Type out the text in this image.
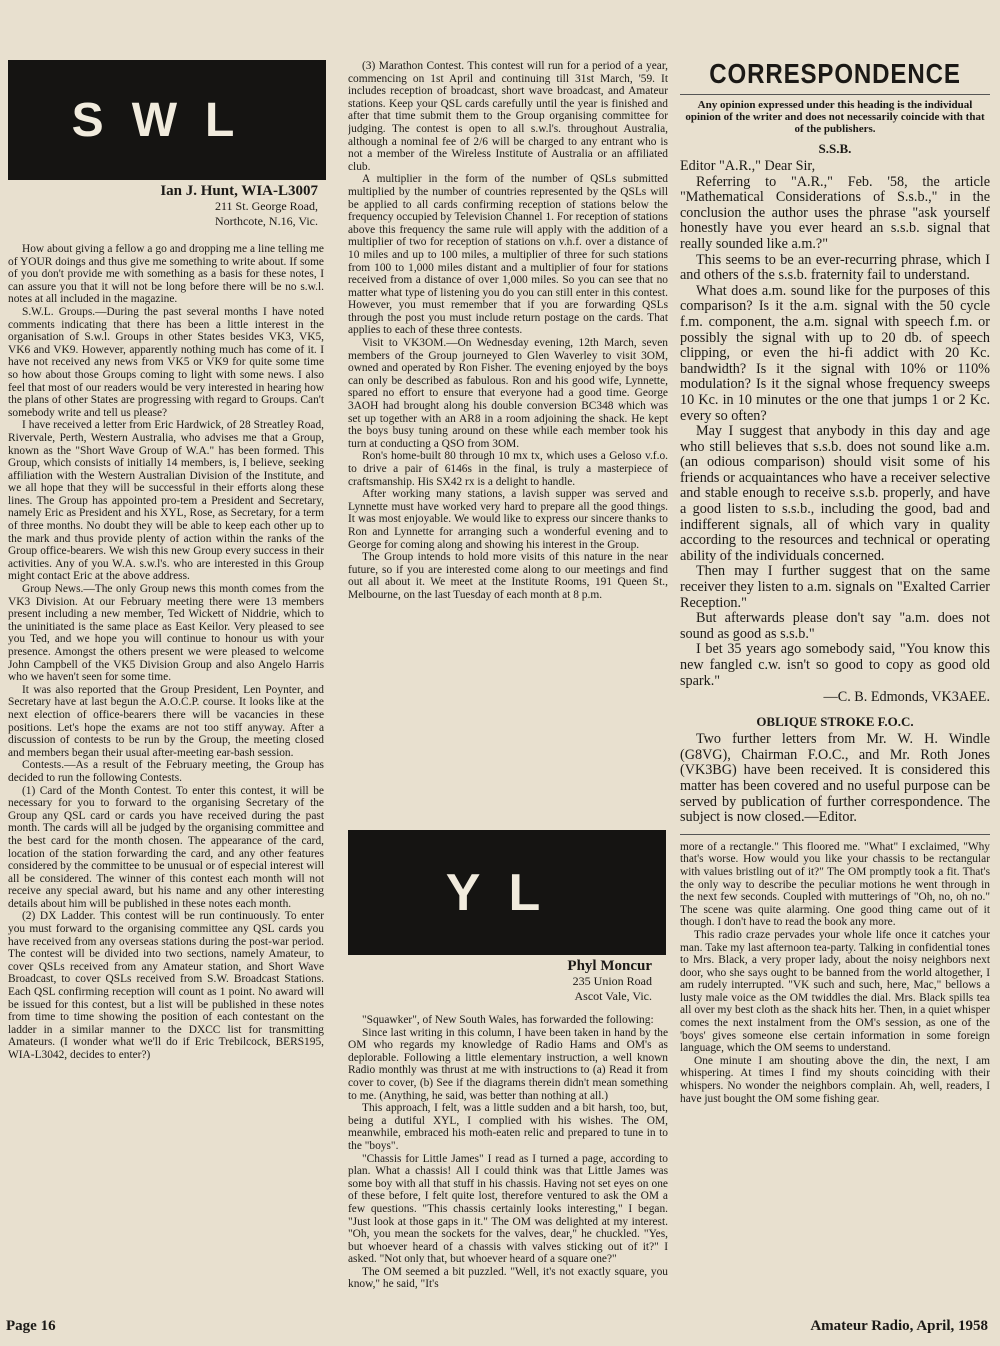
SWL
Ian J. Hunt, WIA-L3007
211 St. George Road,
Northcote, N.16, Vic.

How about giving a fellow a go and dropping me a line telling me of YOUR doings and thus give me something to write about. If some of you don't provide me with something as a basis for these notes, I can assure you that it will not be long before there will be no s.w.l. notes at all included in the magazine.

S.W.L. Groups.—During the past several months I have noted comments indicating that there has been a little interest in the organisation of S.w.l. Groups in other States besides VK3, VK5, VK6 and VK9. However, apparently nothing much has come of it. I have not received any news from VK5 or VK9 for quite some time so how about those Groups coming to light with some news. I also feel that most of our readers would be very interested in hearing how the plans of other States are progressing with regard to Groups. Can't somebody write and tell us please?

I have received a letter from Eric Hardwick, of 28 Streatley Road, Rivervale, Perth, Western Australia, who advises me that a Group, known as the "Short Wave Group of W.A." has been formed. This Group, which consists of initially 14 members, is, I believe, seeking affiliation with the Western Australian Division of the Institute, and we all hope that they will be successful in their efforts along these lines. The Group has appointed pro-tem a President and Secretary, namely Eric as President and his XYL, Rose, as Secretary, for a term of three months. No doubt they will be able to keep each other up to the mark and thus provide plenty of action within the ranks of the Group office-bearers. We wish this new Group every success in their activities. Any of you W.A. s.w.l's. who are interested in this Group might contact Eric at the above address.

Group News.—The only Group news this month comes from the VK3 Division. At our February meeting there were 13 members present including a new member, Ted Wickett of Niddrie, which to the uninitiated is the same place as East Keilor. Very pleased to see you Ted, and we hope you will continue to honour us with your presence. Amongst the others present we were pleased to welcome John Campbell of the VK5 Division Group and also Angelo Harris who we haven't seen for some time.

It was also reported that the Group President, Len Poynter, and Secretary have at last begun the A.O.C.P. course. It looks like at the next election of office-bearers there will be vacancies in these positions. Let's hope the exams are not too stiff anyway. After a discussion of contests to be run by the Group, the meeting closed and members began their usual after-meeting ear-bash session.

Contests.—As a result of the February meeting, the Group has decided to run the following Contests.

(1) Card of the Month Contest. To enter this contest, it will be necessary for you to forward to the organising Secretary of the Group any QSL card or cards you have received during the past month. The cards will all be judged by the organising committee and the best card for the month chosen. The appearance of the card, location of the station forwarding the card, and any other features considered by the committee to be unusual or of especial interest will all be considered. The winner of this contest each month will not receive any special award, but his name and any other interesting details about him will be published in these notes each month.

(2) DX Ladder. This contest will be run continuously. To enter you must forward to the organising committee any QSL cards you have received from any overseas stations during the post-war period. The contest will be divided into two sections, namely Amateur, to cover QSLs received from any Amateur station, and Short Wave Broadcast, to cover QSLs received from S.W. Broadcast Stations. Each QSL confirming reception will count as 1 point. No award will be issued for this contest, but a list will be published in these notes from time to time showing the position of each contestant on the ladder in a similar manner to the DXCC list for transmitting Amateurs. (I wonder what we'll do if Eric Trebilcock, BERS195, WIA-L3042, decides to enter?)

(3) Marathon Contest. This contest will run for a period of a year, commencing on 1st April and continuing till 31st March, '59. It includes reception of broadcast, short wave broadcast, and Amateur stations. Keep your QSL cards carefully until the year is finished and after that time submit them to the Group organising committee for judging. The contest is open to all s.w.l's. throughout Australia, although a nominal fee of 2/6 will be charged to any entrant who is not a member of the Wireless Institute of Australia or an affiliated club.

A multiplier in the form of the number of QSLs submitted multiplied by the number of countries represented by the QSLs will be applied to all cards confirming reception of stations below the frequency occupied by Television Channel 1. For reception of stations above this frequency the same rule will apply with the addition of a multiplier of two for reception of stations on v.h.f. over a distance of 10 miles and up to 100 miles, a multiplier of three for such stations from 100 to 1,000 miles distant and a multiplier of four for stations received from a distance of over 1,000 miles. So you can see that no matter what type of listening you do you can still enter in this contest. However, you must remember that if you are forwarding QSLs through the post you must include return postage on the cards. That applies to each of these three contests.

Visit to VK3OM.—On Wednesday evening, 12th March, seven members of the Group journeyed to Glen Waverley to visit 3OM, owned and operated by Ron Fisher. The evening enjoyed by the boys can only be described as fabulous. Ron and his good wife, Lynnette, spared no effort to ensure that everyone had a good time. George 3AOH had brought along his double conversion BC348 which was set up together with an AR8 in a room adjoining the shack. He kept the boys busy tuning around on these while each member took his turn at conducting a QSO from 3OM.

Ron's home-built 80 through 10 mx tx, which uses a Geloso v.f.o. to drive a pair of 6146s in the final, is truly a masterpiece of craftsmanship. His SX42 rx is a delight to handle.

After working many stations, a lavish supper was served and Lynnette must have worked very hard to prepare all the good things. It was most enjoyable. We would like to express our sincere thanks to Ron and Lynnette for arranging such a wonderful evening and to George for coming along and showing his interest in the Group.

The Group intends to hold more visits of this nature in the near future, so if you are interested come along to our meetings and find out all about it. We meet at the Institute Rooms, 191 Queen St., Melbourne, on the last Tuesday of each month at 8 p.m.

YL
Phyl Moncur
235 Union Road
Ascot Vale, Vic.

"Squawker", of New South Wales, has forwarded the following:

Since last writing in this column, I have been taken in hand by the OM who regards my knowledge of Radio Hams and OM's as deplorable. Following a little elementary instruction, a well known Radio monthly was thrust at me with instructions to (a) Read it from cover to cover, (b) See if the diagrams therein didn't mean something to me. (Anything, he said, was better than nothing at all.)

This approach, I felt, was a little sudden and a bit harsh, too, but, being a dutiful XYL, I complied with his wishes. The OM, meanwhile, embraced his moth-eaten relic and prepared to tune in to the "boys".

"Chassis for Little James" I read as I turned a page, according to plan. What a chassis! All I could think was that Little James was some boy with all that stuff in his chassis. Having not set eyes on one of these before, I felt quite lost, therefore ventured to ask the OM a few questions. "This chassis certainly looks interesting," I began. "Just look at those gaps in it." The OM was delighted at my interest. "Oh, you mean the sockets for the valves, dear," he chuckled. "Yes, but whoever heard of a chassis with valves sticking out of it?" I asked. "Not only that, but whoever heard of a square one?"

The OM seemed a bit puzzled. "Well, it's not exactly square, you know," he said, "It's

CORRESPONDENCE
Any opinion expressed under this heading is the individual opinion of the writer and does not necessarily coincide with that of the publishers.
S.S.B.

Editor "A.R.," Dear Sir,

Referring to "A.R.," Feb. '58, the article "Mathematical Considerations of S.s.b.," in the conclusion the author uses the phrase "ask yourself honestly have you ever heard an s.s.b. signal that really sounded like a.m.?"

This seems to be an ever-recurring phrase, which I and others of the s.s.b. fraternity fail to understand.

What does a.m. sound like for the purposes of this comparison? Is it the a.m. signal with the 50 cycle f.m. component, the a.m. signal with speech f.m. or possibly the signal with up to 20 db. of speech clipping, or even the hi-fi addict with 20 Kc. bandwidth? Is it the signal with 10% or 110% modulation? Is it the signal whose frequency sweeps 10 Kc. in 10 minutes or the one that jumps 1 or 2 Kc. every so often?

May I suggest that anybody in this day and age who still believes that s.s.b. does not sound like a.m. (an odious comparison) should visit some of his friends or acquaintances who have a receiver selective and stable enough to receive s.s.b. properly, and have a good listen to s.s.b., including the good, bad and indifferent signals, all of which vary in quality according to the resources and technical or operating ability of the individuals concerned.

Then may I further suggest that on the same receiver they listen to a.m. signals on "Exalted Carrier Reception."

But afterwards please don't say "a.m. does not sound as good as s.s.b."

I bet 35 years ago somebody said, "You know this new fangled c.w. isn't so good to copy as good old spark."

—C. B. Edmonds, VK3AEE.
OBLIQUE STROKE F.O.C.

Two further letters from Mr. W. H. Windle (G8VG), Chairman F.O.C., and Mr. Roth Jones (VK3BG) have been received. It is considered this matter has been covered and no useful purpose can be served by publication of further correspondence. The subject is now closed.—Editor.

more of a rectangle." This floored me. "What" I exclaimed, "Why that's worse. How would you like your chassis to be rectangular with values bristling out of it?" The OM promptly took a fit. That's the only way to describe the peculiar motions he went through in the next few seconds. Coupled with mutterings of "Oh, no, oh no." The scene was quite alarming. One good thing came out of it though. I don't have to read the book any more.

This radio craze pervades your whole life once it catches your man. Take my last afternoon tea-party. Talking in confidential tones to Mrs. Black, a very proper lady, about the noisy neighbors next door, who she says ought to be banned from the world altogether, I am rudely interrupted. "VK such and such, here, Mac," bellows a lusty male voice as the OM twiddles the dial. Mrs. Black spills tea all over my best cloth as the shack hits her. Then, in a quiet whisper comes the next instalment from the OM's session, as one of the 'boys' gives someone else certain information in some foreign language, which the OM seems to understand.

One minute I am shouting above the din, the next, I am whispering. At times I find my shouts coinciding with their whispers. No wonder the neighbors complain. Ah, well, readers, I have just bought the OM some fishing gear.

Page 16	Amateur Radio, April, 1958
